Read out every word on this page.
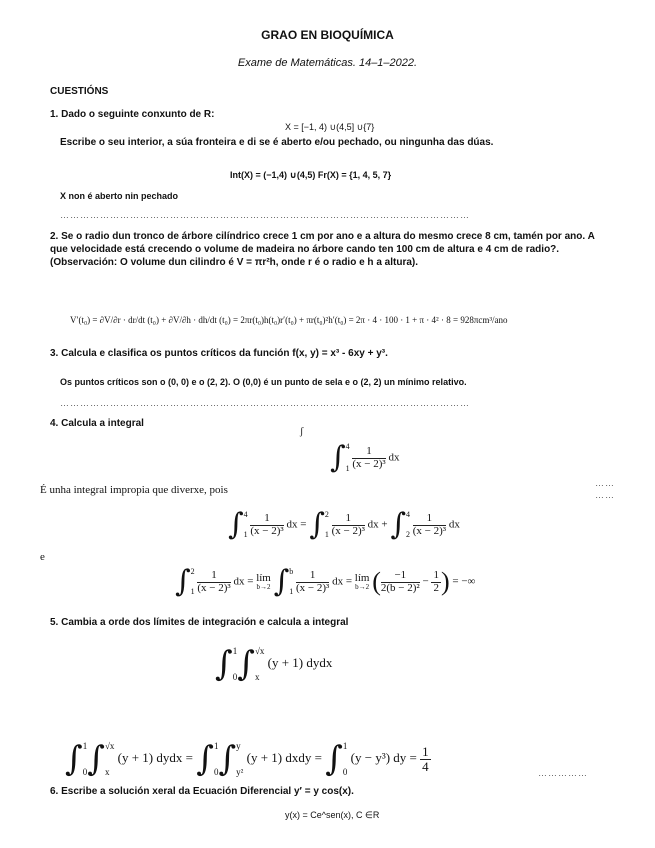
GRAO EN BIOQUÍMICA
Exame de Matemáticas. 14–1–2022.
CUESTIÓNS
1. Dado o seguinte conxunto de R:
X = [−1, 4) ∪(4,5] ∪{7}
Escribe o seu interior, a súa fronteira e di se é aberto e/ou pechado, ou ningunha das dúas.
Int(X) = (−1,4) ∪(4,5) Fr(X) = {1, 4, 5, 7}
X non é aberto nin pechado
……………………………………………………………………………………………………………
2. Se o radio dun tronco de árbore cilíndrico crece 1 cm por ano e a altura do mesmo crece 8 cm, tamén por ano. A que velocidade está crecendo o volume de madeira no árbore cando ten 100 cm de altura e 4 cm de radio?. (Observación: O volume dun cilindro é V = πr²h, onde r é o radio e h a altura).
V′(t₀) = ∂V/∂r · dr/dt (t₀) + ∂V/∂h · dh/dt (t₀) = 2πr(t₀)h(t₀)r′(t₀) + πr(t₀)²h′(t₀) = 2π · 4 · 100 · 1 + π · 4² · 8 = 928πcm³/ano
3. Calcula e clasifica os puntos críticos da función f(x, y) = x³ - 6xy + y³.
Os puntos críticos son o (0, 0) e o (2, 2). O (0,0) é un punto de sela e o (2, 2) un mínimo relativo.
……………………………………………………………………………………………………………
4. Calcula a integral
ʃ
∫ 4
1
$\frac{1}{\text{(x − 2)³}}$ dx
É unha integral impropia que diverxe, pois
……
……
∫ 4
1
$\frac{1}{\text{(x − 2)³}}$ dx = ∫ 2
1
$\frac{1}{\text{(x − 2)³}}$ dx + ∫ 4
2
$\frac{1}{\text{(x − 2)³}}$ dx
e
∫ 2
1
$\frac{1}{\text{(x − 2)³}}$ dx = lím
b→2 ∫ b
1
$\frac{1}{\text{(x − 2)³}}$ dx = lím
b→2 ( $\frac{-1}{\text{2(b − 2)²}} - \frac{1}{2}$ ) = −∞
5. Cambia a orde dos límites de integración e calcula a integral
∫ 1
0 ∫ √x
x
(y + 1) dydx
∫ 1
0 ∫ √x
x
(y + 1) dydx = ∫ 1
0 ∫ y
y²
(y + 1) dxdy = ∫ 1
0
(y − y³) dy = $\frac{1}{4}$	……………
6. Escribe a solución xeral da Ecuación Diferencial y′ = y cos(x).
y(x) = Ce^sen(x), C ∈R
